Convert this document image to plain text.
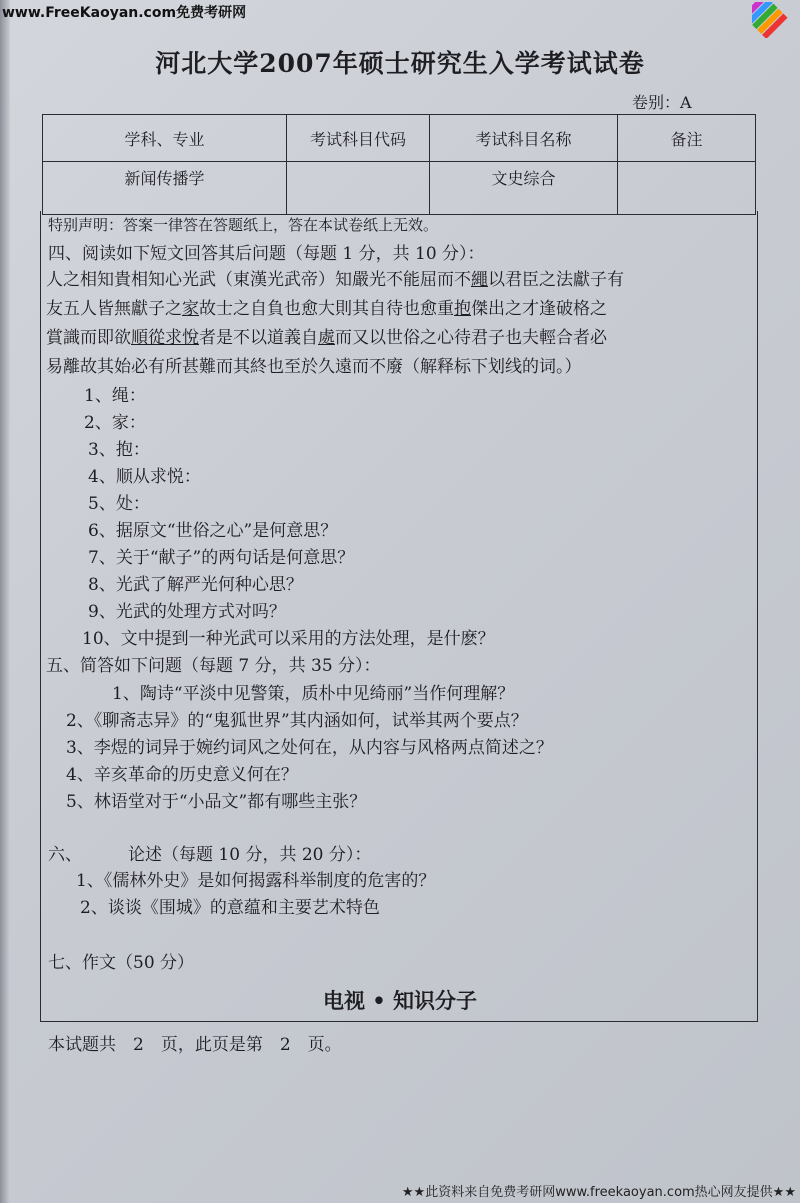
www.FreeKaoyan.com免费考研网
河北大学2007年硕士研究生入学考试试卷
卷别：A
学科、专业	考试科目代码	考试科目名称	备注
新闻传播学		文史综合	
特别声明：答案一律答在答题纸上，答在本试卷纸上无效。
四、阅读如下短文回答其后问题（每题 1 分，共 10 分）：
人之相知貴相知心光武（東漢光武帝）知嚴光不能屈而不繩以君臣之法獻子有
友五人皆無獻子之家故士之自負也愈大則其自待也愈重抱傑出之才逢破格之
賞識而即欲順從求悅者是不以道義自處而又以世俗之心待君子也夫輕合者必
易離故其始必有所甚難而其終也至於久遠而不廢（解释标下划线的词。）
1、绳：
2、家：
3、抱：
4、顺从求悦：
5、处：
6、据原文“世俗之心”是何意思？
7、关于“献子”的两句话是何意思？
8、光武了解严光何种心思？
9、光武的处理方式对吗？
10、文中提到一种光武可以采用的方法处理，是什麽？
五、简答如下问题（每题 7 分，共 35 分）：
1、陶诗“平淡中见警策，质朴中见绮丽”当作何理解？
2、《聊斋志异》的“鬼狐世界”其内涵如何，试举其两个要点？
3、李煜的词异于婉约词风之处何在，从内容与风格两点简述之？
4、辛亥革命的历史意义何在？
5、林语堂对于“小品文”都有哪些主张？
六、	论述（每题 10 分，共 20 分）：
1、《儒林外史》是如何揭露科举制度的危害的？
2、谈谈《围城》的意蕴和主要艺术特色
七、作文（50 分）
电视 • 知识分子
本试题共　2　页，此页是第　2　页。
★★此资料来自免费考研网www.freekaoyan.com热心网友提供★★
